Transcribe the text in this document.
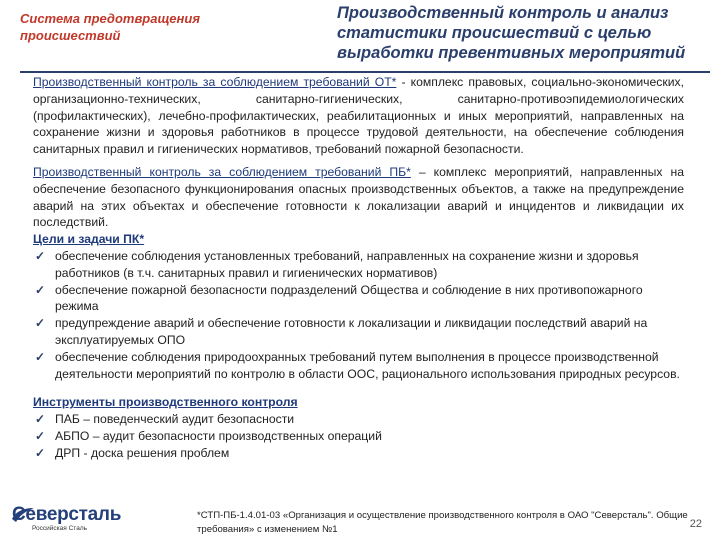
Система предотвращения происшествий
Производственный контроль и анализ статистики происшествий с целью выработки превентивных мероприятий

Производственный контроль за соблюдением требований ОТ* - комплекс правовых, социально-экономических, организационно-технических, санитарно-гигиенических, санитарно-противоэпидемиологических (профилактических), лечебно-профилактических, реабилитационных и иных мероприятий, направленных на сохранение жизни и здоровья работников в процессе трудовой деятельности, на обеспечение соблюдения санитарных правил и гигиенических нормативов, требований пожарной безопасности.

Производственный контроль за соблюдением требований ПБ* – комплекс мероприятий, направленных на обеспечение безопасного функционирования опасных производственных объектов, а также на предупреждение аварий на этих объектах и обеспечение готовности к локализации аварий и инцидентов и ликвидации их последствий.

Цели и задачи ПК*
✓ обеспечение соблюдения установленных требований, направленных на сохранение жизни и здоровья работников (в т.ч. санитарных правил и гигиенических нормативов)
✓ обеспечение пожарной безопасности подразделений Общества и соблюдение в них противопожарного режима
✓ предупреждение аварий и обеспечение готовности к локализации и ликвидации последствий аварий на эксплуатируемых ОПО
✓ обеспечение соблюдения природоохранных требований путем выполнения в процессе производственной деятельности мероприятий по контролю в области ООС, рационального использования природных ресурсов.
Инструменты производственного контроля
✓ ПАБ – поведенческий аудит безопасности
✓ АБПО – аудит безопасности производственных операций
✓ ДРП - доска решения проблем
Северсталь
Российская Сталь
*СТП-ПБ-1.4.01-03 «Организация и осуществление производственного контроля в ОАО "Северсталь". Общие требования» с изменением №1	22
